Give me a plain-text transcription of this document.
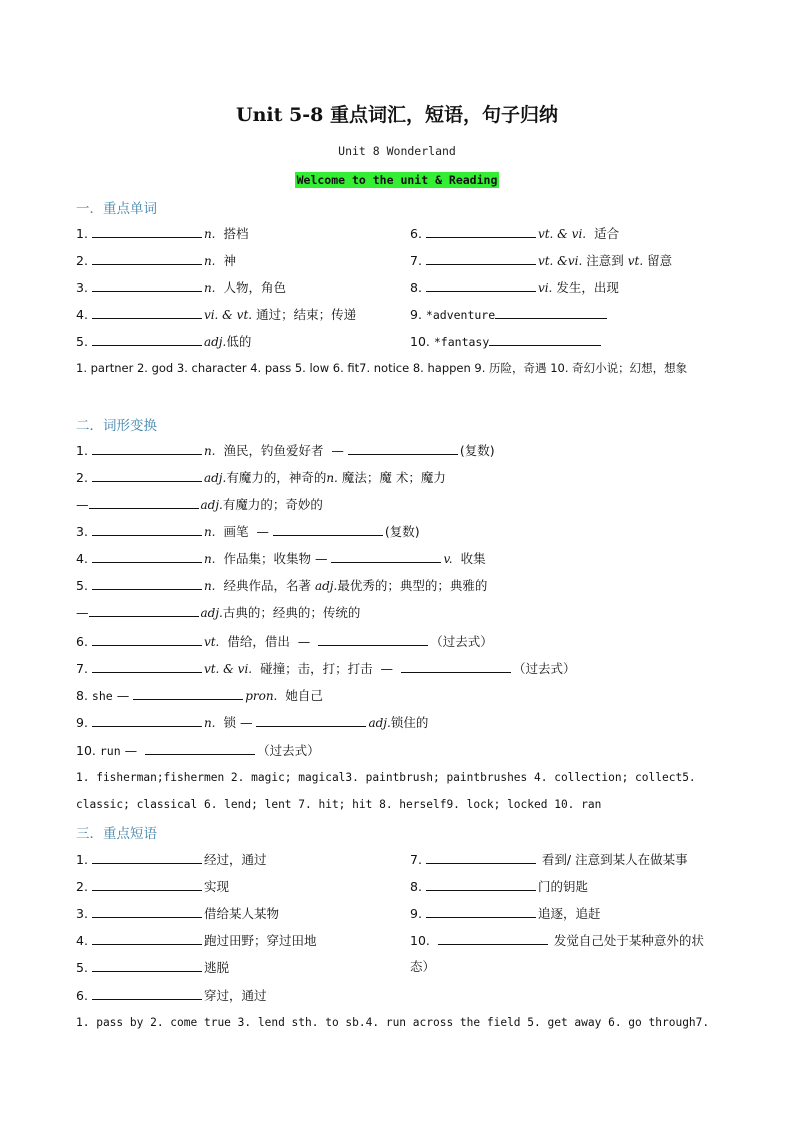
Unit 5-8 重点词汇，短语，句子归纳
Unit 8 Wonderland
Welcome to the unit & Reading
一．重点单词
1.	n. 搭档	6.	vt. & vi. 适合
2.	n. 神	7.	vt. &vi. 注意到 vt. 留意
3.	n. 人物，角色	8.	vi. 发生，出现
4.	vi. & vt. 通过；结束；传递	9. *adventure
5.	adj.低的	10. *fantasy
1. partner 2. god 3. character 4. pass 5. low 6. fit7. notice 8. happen 9. 历险，奇遇 10. 奇幻小说；幻想，想象
二．词形变换
1.	n. 渔民，钓鱼爱好者 —	(复数)
2.	adj.有魔力的，神奇的n. 魔法；魔 术；魔力
—	adj.有魔力的；奇妙的
3.	n. 画笔 —	(复数)
4.	n. 作品集；收集物 —	v. 收集
5.	n. 经典作品，名著 adj.最优秀的；典型的；典雅的
—	adj.古典的；经典的；传统的
6.	vt. 借给，借出 —	（过去式）
7.	vt. & vi. 碰撞；击，打；打击 —	（过去式）
8. she —	pron. 她自己
9.	n. 锁 —	adj.锁住的
10. run —	（过去式）
1. fisherman;fishermen 2. magic; magical3. paintbrush; paintbrushes 4. collection; collect5. classic; classical 6. lend; lent 7. hit; hit 8. herself9. lock; locked 10. ran
三．重点短语
1.	经过，通过	7.	看到/ 注意到某人在做某事
2.	实现	8.	门的钥匙
3.	借给某人某物	9.	追逐，追赶
4.	跑过田野；穿过田地	10.	发觉自己处于某种意外的状
5.	逃脱	态）
6.	穿过，通过
1. pass by 2. come true 3. lend sth. to sb.4. run across the field 5. get away 6. go through7.
